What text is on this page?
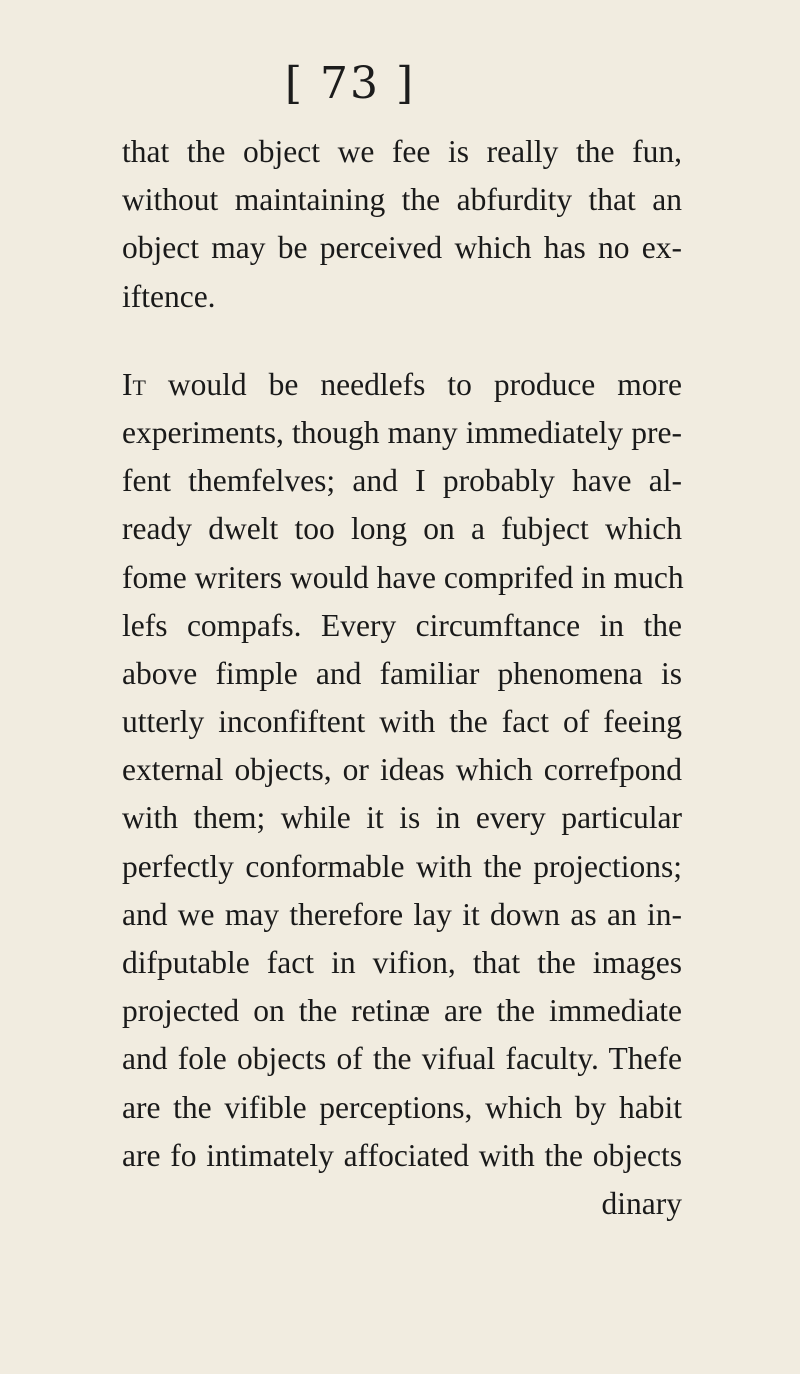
[ 73 ]
that the object we fee is really the fun,
without maintaining the abfurdity that an
object may be perceived which has no ex-
iftence.
It would be needlefs to produce more
experiments, though many immediately pre-
fent themfelves; and I probably have al-
ready dwelt too long on a fubject which
fome writers would have comprifed in much
lefs compafs. Every circumftance in the
above fimple and familiar phenomena is
utterly inconfiftent with the fact of feeing
external objects, or ideas which correfpond
with them; while it is in every particular
perfectly conformable with the projections;
and we may therefore lay it down as an in-
difputable fact in vifion, that the images
projected on the retinæ are the immediate
and fole objects of the vifual faculty. Thefe
are the vifible perceptions, which by habit
are fo intimately affociated with the objects
dinary
